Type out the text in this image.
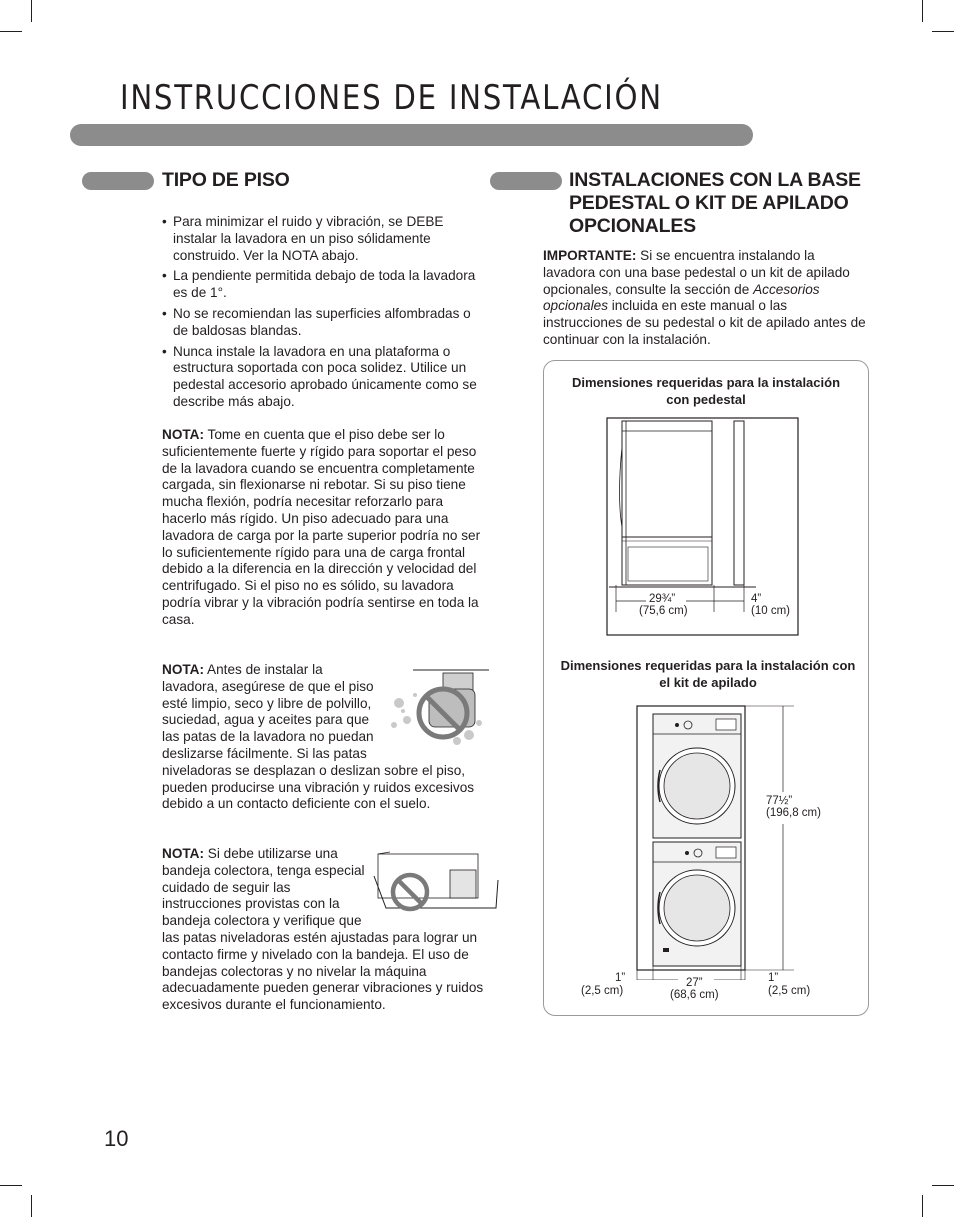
INSTRUCCIONES DE INSTALACIÓN
TIPO DE PISO
• Para minimizar el ruido y vibración, se DEBE instalar la lavadora en un piso sólidamente construido. Ver la NOTA abajo.
• La pendiente permitida debajo de toda la lavadora es de 1°.
• No se recomiendan las superficies alfombradas o de baldosas blandas.
• Nunca instale la lavadora en una plataforma o estructura soportada con poca solidez. Utilice un pedestal accesorio aprobado únicamente como se describe más abajo.

NOTA: Tome en cuenta que el piso debe ser lo suficientemente fuerte y rígido para soportar el peso de la lavadora cuando se encuentra completamente cargada, sin flexionarse ni rebotar. Si su piso tiene mucha flexión, podría necesitar reforzarlo para hacerlo más rígido. Un piso adecuado para una lavadora de carga por la parte superior podría no ser lo suficientemente rígido para una de carga frontal debido a la diferencia en la dirección y velocidad del centrifugado. Si el piso no es sólido, su lavadora podría vibrar y la vibración podría sentirse en toda la casa.

NOTA: Antes de instalar la lavadora, asegúrese de que el piso esté limpio, seco y libre de polvillo, suciedad, agua y aceites para que las patas de la lavadora no puedan deslizarse fácilmente. Si las patas niveladoras se desplazan o deslizan sobre el piso, pueden producirse una vibración y ruidos excesivos debido a un contacto deficiente con el suelo.

NOTA: Si debe utilizarse una bandeja colectora, tenga especial cuidado de seguir las instrucciones provistas con la bandeja colectora y verifique que las patas niveladoras estén ajustadas para lograr un contacto firme y nivelado con la bandeja. El uso de bandejas colectoras y no nivelar la máquina adecuadamente pueden generar vibraciones y ruidos excesivos durante el funcionamiento.

INSTALACIONES CON LA BASE PEDESTAL O KIT DE APILADO OPCIONALES

IMPORTANTE: Si se encuentra instalando la lavadora con una base pedestal o un kit de apilado opcionales, consulte la sección de Accesorios opcionales incluida en este manual o las instrucciones de su pedestal o kit de apilado antes de continuar con la instalación.

Dimensiones requeridas para la instalación con pedestal
29¾”
(75,6 cm)
4”
(10 cm)
Dimensiones requeridas para la instalación con el kit de apilado
77½”
(196,8 cm)
1”
(2,5 cm)
27”
(68,6 cm)
1”
(2,5 cm)
10
